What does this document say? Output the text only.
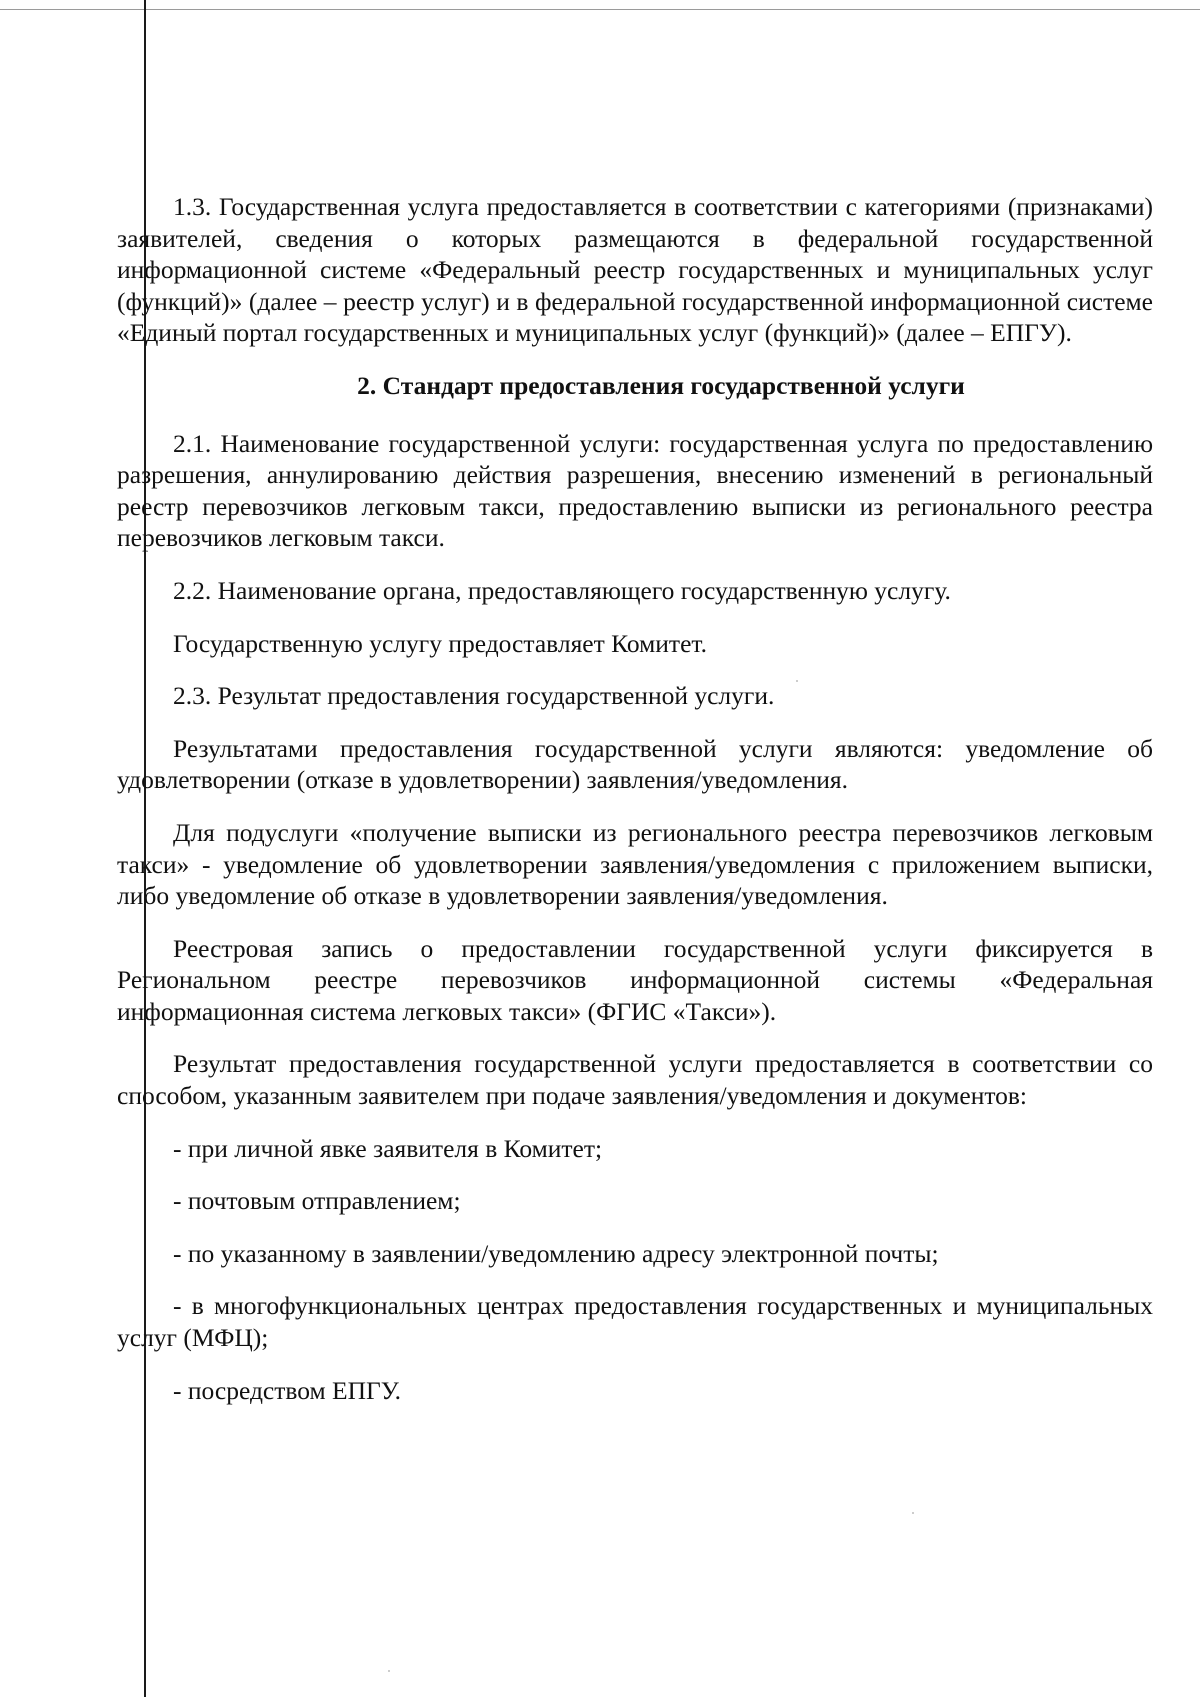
1.3. Государственная услуга предоставляется в соответствии с категориями (признаками) заявителей, сведения о которых размещаются в федеральной государственной информационной системе «Федеральный реестр государственных и муниципальных услуг (функций)» (далее – реестр услуг) и в федеральной государственной информационной системе «Единый портал государственных и муниципальных услуг (функций)» (далее – ЕПГУ).

2. Стандарт предоставления государственной услуги

2.1. Наименование государственной услуги: государственная услуга по предоставлению разрешения, аннулированию действия разрешения, внесению изменений в региональный реестр перевозчиков легковым такси, предоставлению выписки из регионального реестра перевозчиков легковым такси.

2.2. Наименование органа, предоставляющего государственную услугу.

Государственную услугу предоставляет Комитет.

2.3. Результат предоставления государственной услуги.

Результатами предоставления государственной услуги являются: уведомление об удовлетворении (отказе в удовлетворении) заявления/уведомления.

Для подуслуги «получение выписки из регионального реестра перевозчиков легковым такси» - уведомление об удовлетворении заявления/уведомления с приложением выписки, либо уведомление об отказе в удовлетворении заявления/уведомления.

Реестровая запись о предоставлении государственной услуги фиксируется в Региональном реестре перевозчиков информационной системы «Федеральная информационная система легковых такси» (ФГИС «Такси»).

Результат предоставления государственной услуги предоставляется в соответствии со способом, указанным заявителем при подаче заявления/уведомления и документов:

- при личной явке заявителя в Комитет;

- почтовым отправлением;

- по указанному в заявлении/уведомлению адресу электронной почты;

- в многофункциональных центрах предоставления государственных и муниципальных услуг (МФЦ);

- посредством ЕПГУ.
